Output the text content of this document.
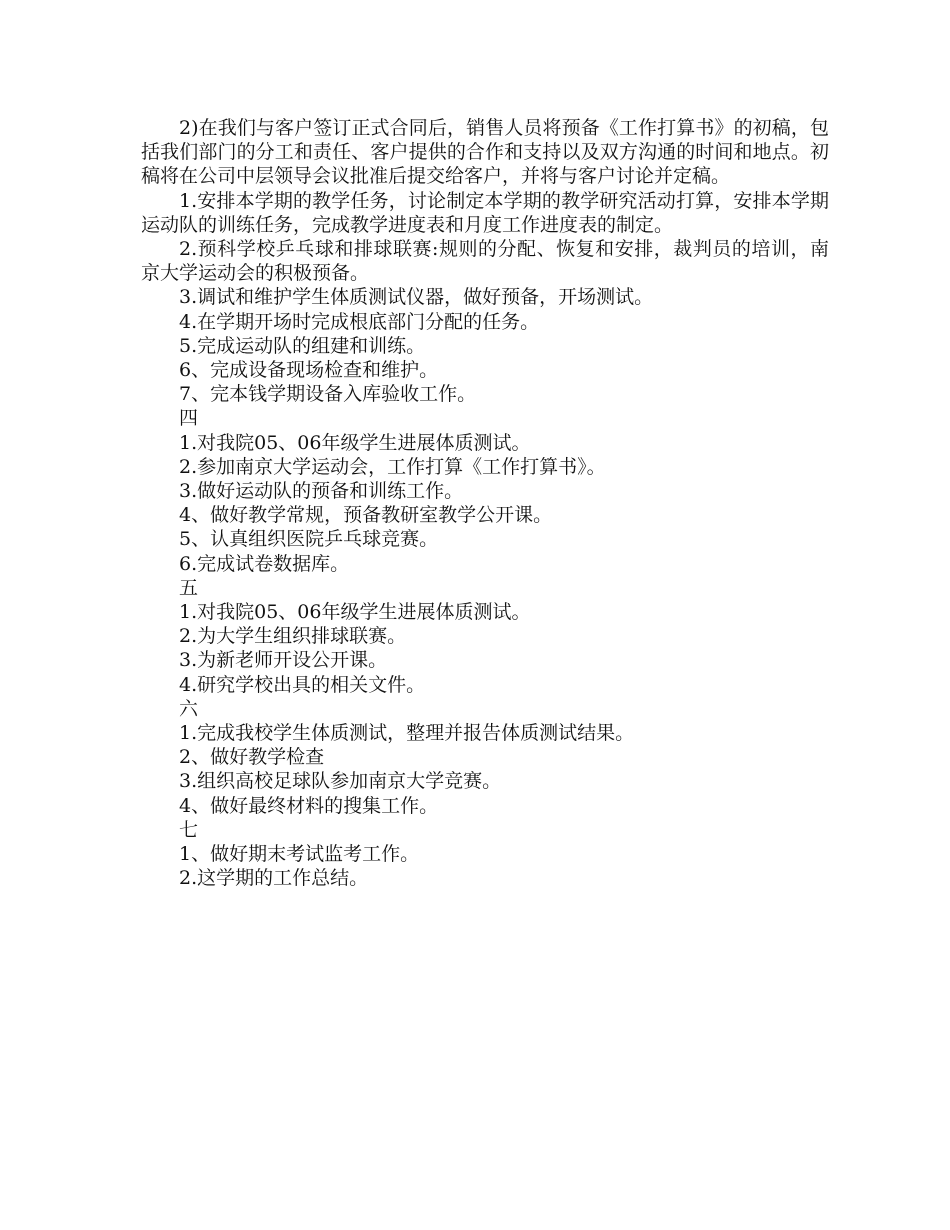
2)在我们与客户签订正式合同后，销售人员将预备《工作打算书》的初稿，包括我们部门的分工和责任、客户提供的合作和支持以及双方沟通的时间和地点。初稿将在公司中层领导会议批准后提交给客户，并将与客户讨论并定稿。

1.安排本学期的教学任务，讨论制定本学期的教学研究活动打算，安排本学期运动队的训练任务，完成教学进度表和月度工作进度表的制定。

2.预科学校乒乓球和排球联赛:规则的分配、恢复和安排，裁判员的培训，南京大学运动会的积极预备。

3.调试和维护学生体质测试仪器，做好预备，开场测试。
4.在学期开场时完成根底部门分配的任务。
5.完成运动队的组建和训练。
6、完成设备现场检查和维护。
7、完本钱学期设备入库验收工作。
四
1.对我院05、06年级学生进展体质测试。
2.参加南京大学运动会，工作打算《工作打算书》。
3.做好运动队的预备和训练工作。
4、做好教学常规，预备教研室教学公开课。
5、认真组织医院乒乓球竞赛。
6.完成试卷数据库。
五
1.对我院05、06年级学生进展体质测试。
2.为大学生组织排球联赛。
3.为新老师开设公开课。
4.研究学校出具的相关文件。
六
1.完成我校学生体质测试，整理并报告体质测试结果。
2、做好教学检查
3.组织高校足球队参加南京大学竞赛。
4、做好最终材料的搜集工作。
七
1、做好期末考试监考工作。
2.这学期的工作总结。
